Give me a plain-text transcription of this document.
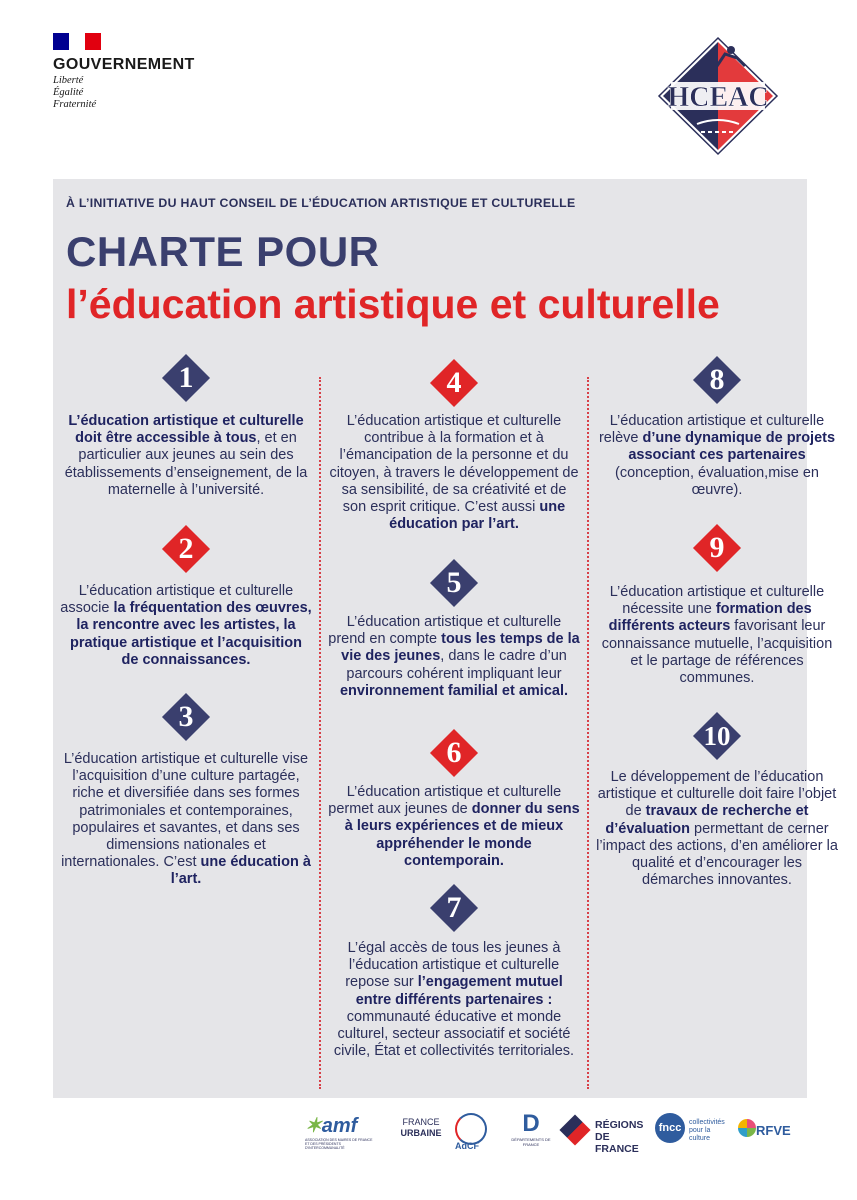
GOUVERNEMENT
Liberté
Égalité
Fraternité	HCEAC
À L’INITIATIVE DU HAUT CONSEIL DE L’ÉDUCATION ARTISTIQUE ET CULTURELLE
CHARTE POUR
l’éducation artistique et culturelle
1
L’éducation artistique et culturelle doit être accessible à tous, et en particulier aux jeunes au sein des établissements d’enseignement, de la maternelle à l’université.
2
L’éducation artistique et culturelle associe la fréquentation des œuvres, la rencontre avec les artistes, la pratique artistique et l’acquisition de connaissances.
3
L’éducation artistique et culturelle vise l’acquisition d’une culture partagée, riche et diversifiée dans ses formes patrimoniales et contemporaines, populaires et savantes, et dans ses dimensions nationales et internationales. C’est une éducation à l’art.
4
L’éducation artistique et culturelle contribue à la formation et à l’émancipation de la personne et du citoyen, à travers le développement de sa sensibilité, de sa créativité et de son esprit critique. C’est aussi une éducation par l’art.
5
L’éducation artistique et culturelle prend en compte tous les temps de la vie des jeunes, dans le cadre d’un parcours cohérent impliquant leur environnement familial et amical.
6
L’éducation artistique et culturelle permet aux jeunes de donner du sens à leurs expériences et de mieux appréhender le monde contemporain.
7
L’égal accès de tous les jeunes à l’éducation artistique et culturelle repose sur l’engagement mutuel entre différents partenaires : communauté éducative et monde culturel, secteur associatif et société civile, État et collectivités territoriales.
8
L’éducation artistique et culturelle relève d’une dynamique de projets associant ces partenaires (conception, évaluation,mise en œuvre).
9
L’éducation artistique et culturelle nécessite une formation des différents acteurs favorisant leur connaissance mutuelle, l’acquisition et le partage de références communes.
10
Le développement de l’éducation artistique et culturelle doit faire l’objet de travaux de recherche et d’évaluation permettant de cerner l’impact des actions, d’en améliorer la qualité et d’encourager les démarches innovantes.
✶amf
ASSOCIATION DES MAIRES DE FRANCE ET DES PRÉSIDENTS D'INTERCOMMUNALITÉ
FRANCE
URBAINE
AdCF
D
DÉPARTEMENTS DE FRANCE
RÉGIONS
DE FRANCE
fncc	collectivités pour la culture
RFVE
